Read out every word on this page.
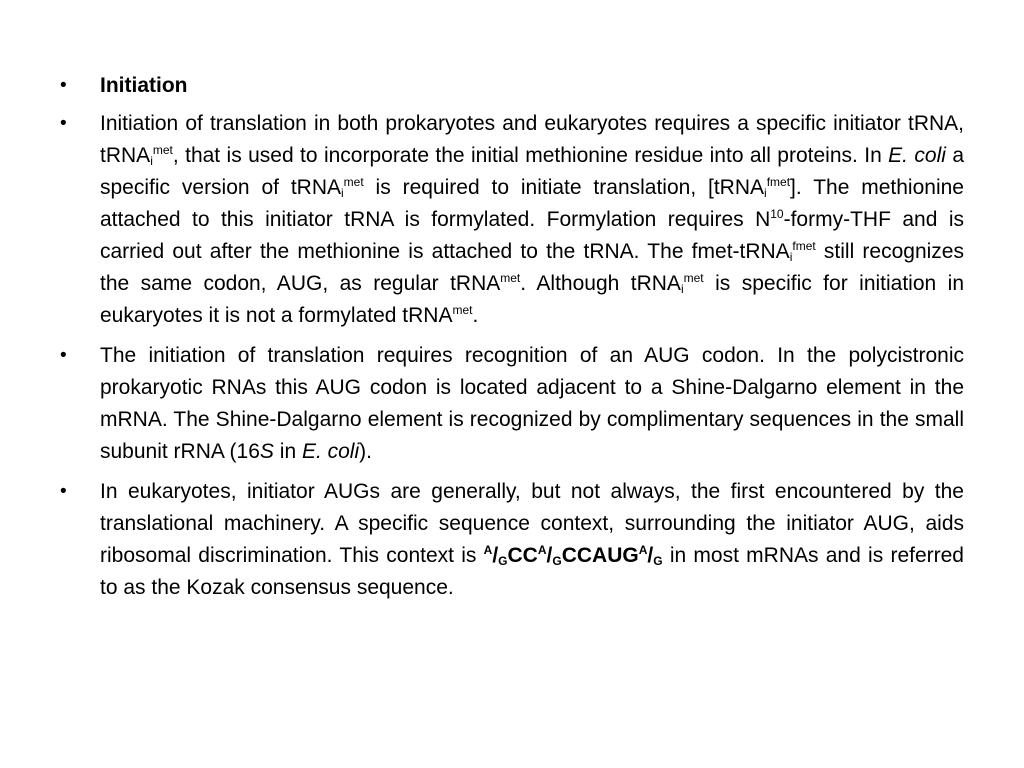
• Initiation
• Initiation of translation in both prokaryotes and eukaryotes requires a specific initiator tRNA, tRNA$_i^{met}$, that is used to incorporate the initial methionine residue into all proteins. In E. coli a specific version of tRNA$_i^{met}$ is required to initiate translation, [tRNA$_i^{fmet}$]. The methionine attached to this initiator tRNA is formylated. Formylation requires $N^{10}-formy$-THF and is carried out after the methionine is attached to the tRNA. The fmet-tRNA$_i^{fmet}$ still recognizes the same codon, AUG, as regular tRNA$^{met}$. Although tRNA$_i^{met}$ is specific for initiation in eukaryotes it is not a formylated tRNA$^{met}$.
• The initiation of translation requires recognition of an AUG codon. In the polycistronic prokaryotic RNAs this AUG codon is located adjacent to a Shine-Dalgarno element in the mRNA. The Shine-Dalgarno element is recognized by complimentary sequences in the small subunit rRNA (16S in E. coli).
• In eukaryotes, initiator AUGs are generally, but not always, the first encountered by the translational machinery. A specific sequence context, surrounding the initiator AUG, aids ribosomal discrimination. This context is $^A/_GCC^A/_GCCAUG^A/_G$ in most mRNAs and is referred to as the Kozak consensus sequence.
